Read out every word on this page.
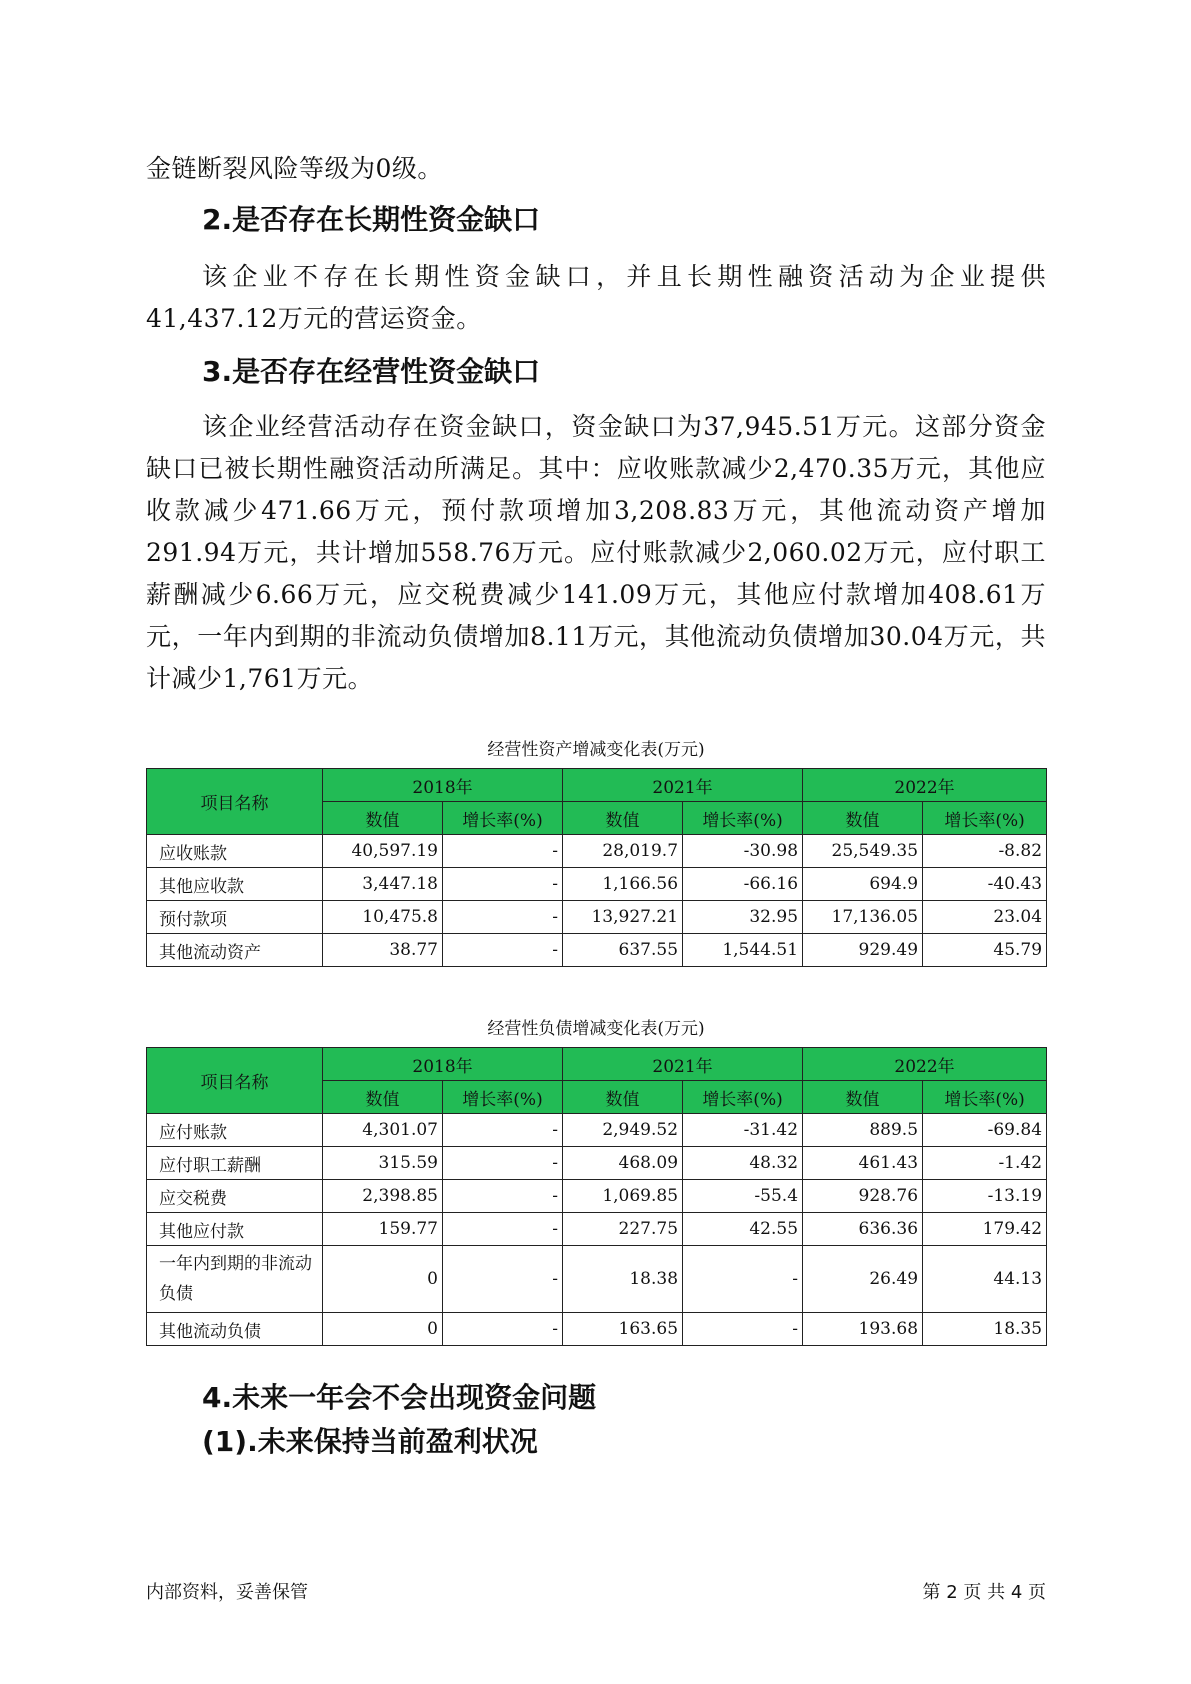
金链断裂风险等级为0级。

2.是否存在长期性资金缺口

该企业不存在长期性资金缺口，并且长期性融资活动为企业提供41,437.12万元的营运资金。

3.是否存在经营性资金缺口

该企业经营活动存在资金缺口，资金缺口为37,945.51万元。这部分资金缺口已被长期性融资活动所满足。其中：应收账款减少2,470.35万元，其他应收款减少471.66万元，预付款项增加3,208.83万元，其他流动资产增加291.94万元，共计增加558.76万元。应付账款减少2,060.02万元，应付职工薪酬减少6.66万元，应交税费减少141.09万元，其他应付款增加408.61万元，一年内到期的非流动负债增加8.11万元，其他流动负债增加30.04万元，共计减少1,761万元。

经营性资产增减变化表(万元)

项目名称	2018年		2021年		2022年	
	数值	增长率(%)	数值	增长率(%)	数值	增长率(%)
应收账款	40,597.19	-	28,019.7	-30.98	25,549.35	-8.82
其他应收款	3,447.18	-	1,166.56	-66.16	694.9	-40.43
预付款项	10,475.8	-	13,927.21	32.95	17,136.05	23.04
其他流动资产	38.77	-	637.55	1,544.51	929.49	45.79

经营性负债增减变化表(万元)

项目名称	2018年		2021年		2022年	
	数值	增长率(%)	数值	增长率(%)	数值	增长率(%)
应付账款	4,301.07	-	2,949.52	-31.42	889.5	-69.84
应付职工薪酬	315.59	-	468.09	48.32	461.43	-1.42
应交税费	2,398.85	-	1,069.85	-55.4	928.76	-13.19
其他应付款	159.77	-	227.75	42.55	636.36	179.42
一年内到期的非流动负债	0	-	18.38	-	26.49	44.13
其他流动负债	0	-	163.65	-	193.68	18.35
4.未来一年会不会出现资金问题
(1).未来保持当前盈利状况
内部资料，妥善保管	第 2 页 共 4 页
